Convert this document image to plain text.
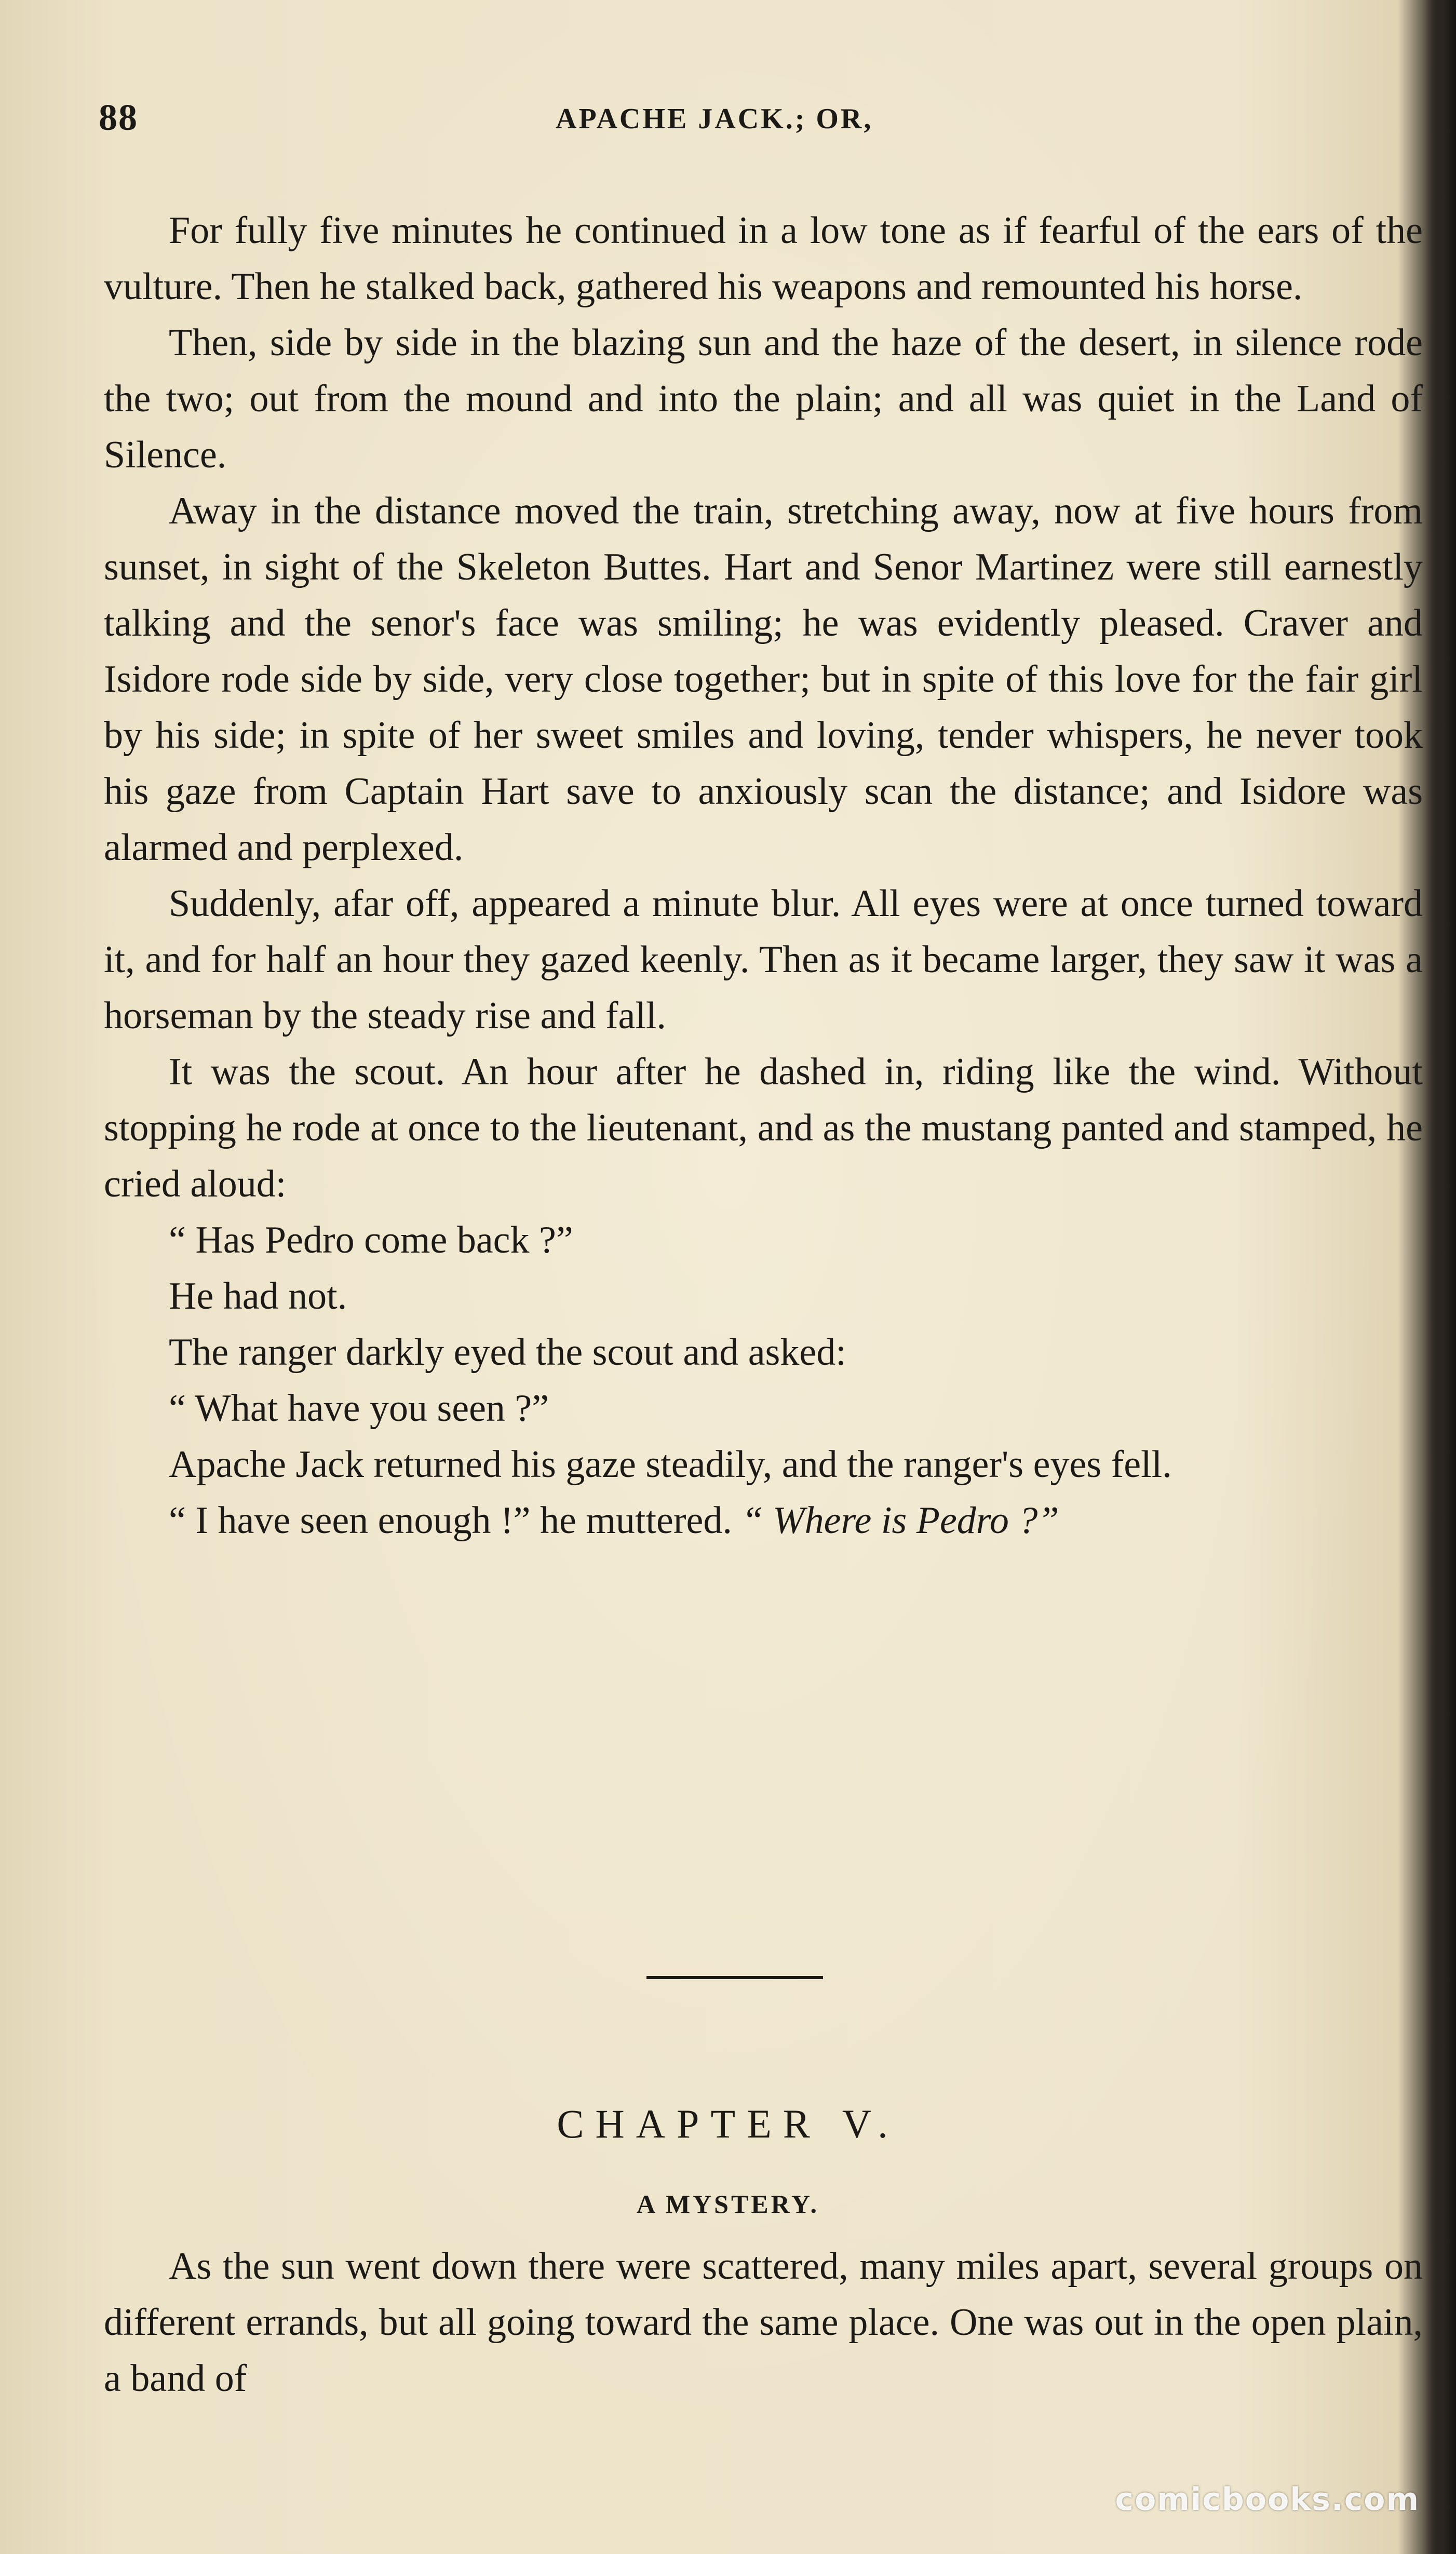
88	APACHE JACK.; OR,

For fully five minutes he continued in a low tone as if fearful of the ears of the vulture. Then he stalked back, gathered his weapons and remounted his horse.

Then, side by side in the blazing sun and the haze of the desert, in silence rode the two; out from the mound and into the plain; and all was quiet in the Land of Silence.

Away in the distance moved the train, stretching away, now at five hours from sunset, in sight of the Skeleton Buttes. Hart and Senor Martinez were still earnestly talking and the senor's face was smiling; he was evidently pleased. Craver and Isidore rode side by side, very close together; but in spite of this love for the fair girl by his side; in spite of her sweet smiles and loving, tender whispers, he never took his gaze from Captain Hart save to anxiously scan the distance; and Isidore was alarmed and perplexed.

Suddenly, afar off, appeared a minute blur. All eyes were at once turned toward it, and for half an hour they gazed keenly. Then as it became larger, they saw it was a horseman by the steady rise and fall.

It was the scout. An hour after he dashed in, riding like the wind. Without stopping he rode at once to the lieutenant, and as the mustang panted and stamped, he cried aloud:

“ Has Pedro come back ?”

He had not.

The ranger darkly eyed the scout and asked:

“ What have you seen ?”

Apache Jack returned his gaze steadily, and the ranger's eyes fell.

“ I have seen enough !” he muttered. “ Where is Pedro ?”

CHAPTER V.
A MYSTERY.

As the sun went down there were scattered, many miles apart, several groups on different errands, but all going toward the same place. One was out in the open plain, a band of

comicbooks.com
